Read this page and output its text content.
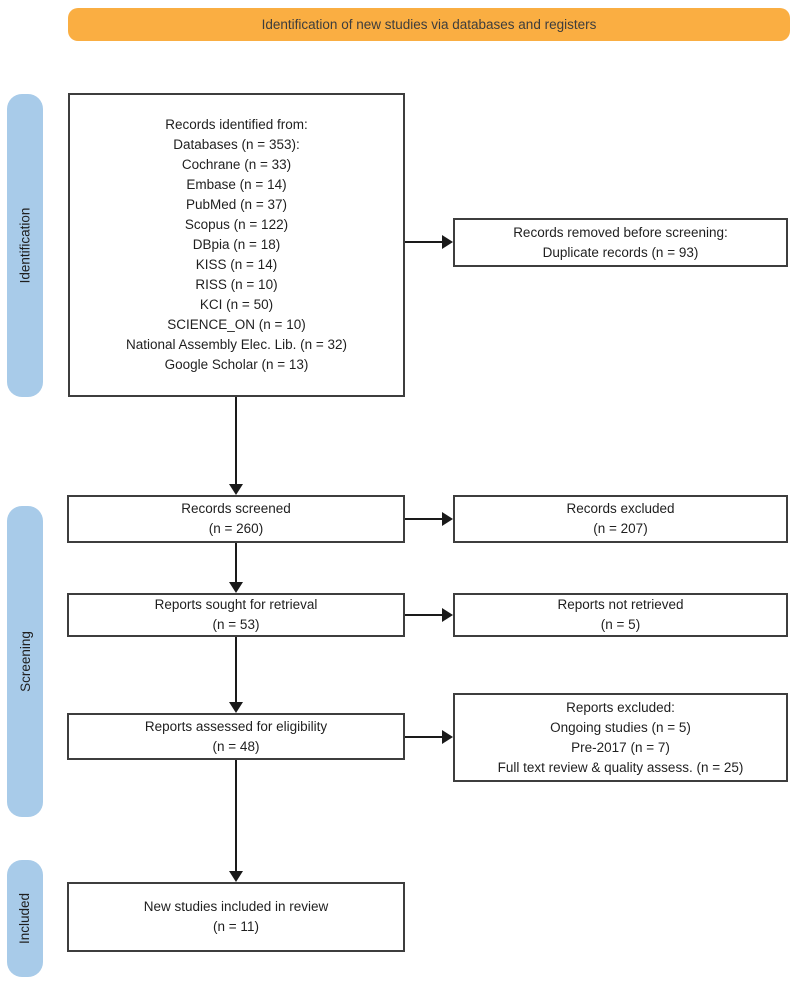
Identification of new studies via databases and registers
Identification
Screening
Included
Records identified from:
Databases (n = 353):
Cochrane (n = 33)
Embase (n = 14)
PubMed (n = 37)
Scopus (n = 122)
DBpia (n = 18)
KISS (n = 14)
RISS (n = 10)
KCI (n = 50)
SCIENCE_ON (n = 10)
National Assembly Elec. Lib. (n = 32)
Google Scholar (n = 13)
Records removed before screening:
Duplicate records (n = 93)
Records screened
(n = 260)
Records excluded
(n = 207)
Reports sought for retrieval
(n = 53)
Reports not retrieved
(n = 5)
Reports assessed for eligibility
(n = 48)
Reports excluded:
Ongoing studies (n = 5)
Pre-2017 (n = 7)
Full text review & quality assess. (n = 25)
New studies included in review
(n = 11)
